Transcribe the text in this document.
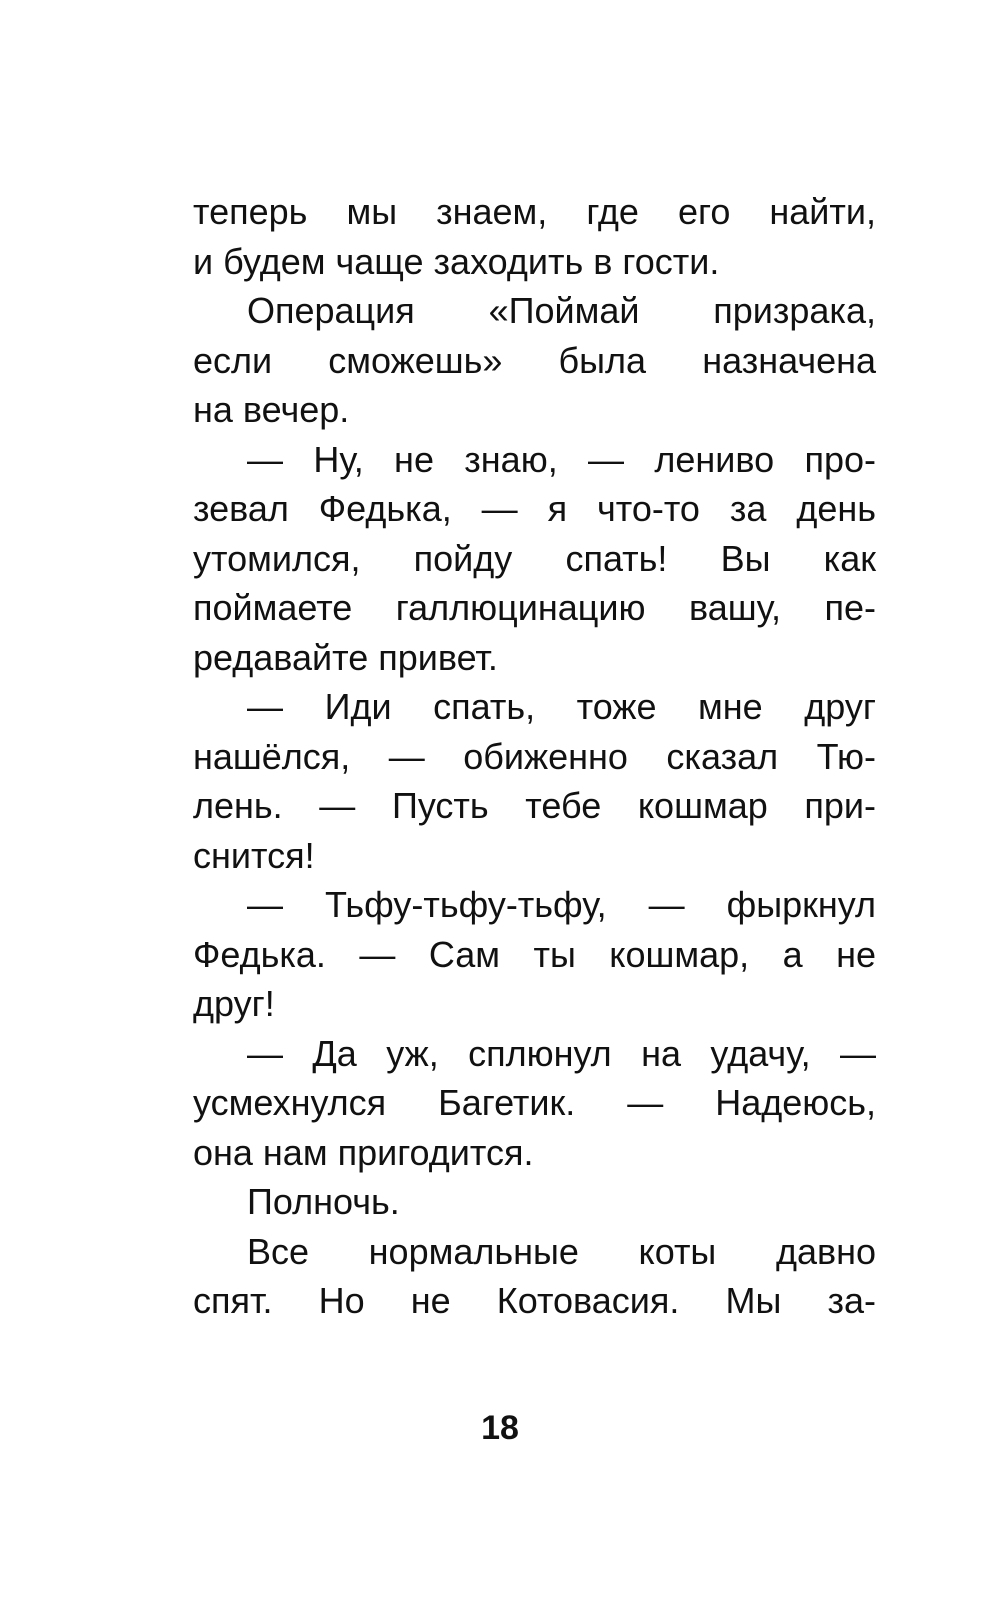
теперь мы знаем, где его найти,
и будем чаще заходить в гости.
Операция «Поймай призрака,
если сможешь» была назначена
на вечер.
— Ну, не знаю, — лениво про-
зевал Федька, — я что-то за день
утомился, пойду спать! Вы как
поймаете галлюцинацию вашу, пе-
редавайте привет.
— Иди спать, тоже мне друг
нашёлся, — обиженно сказал Тю-
лень. — Пусть тебе кошмар при-
снится!
— Тьфу-тьфу-тьфу, — фыркнул
Федька. — Сам ты кошмар, а не
друг!
— Да уж, сплюнул на удачу, —
усмехнулся Багетик. — Надеюсь,
она нам пригодится.
Полночь.
Все нормальные коты давно
спят. Но не Котовасия. Мы за-
18
